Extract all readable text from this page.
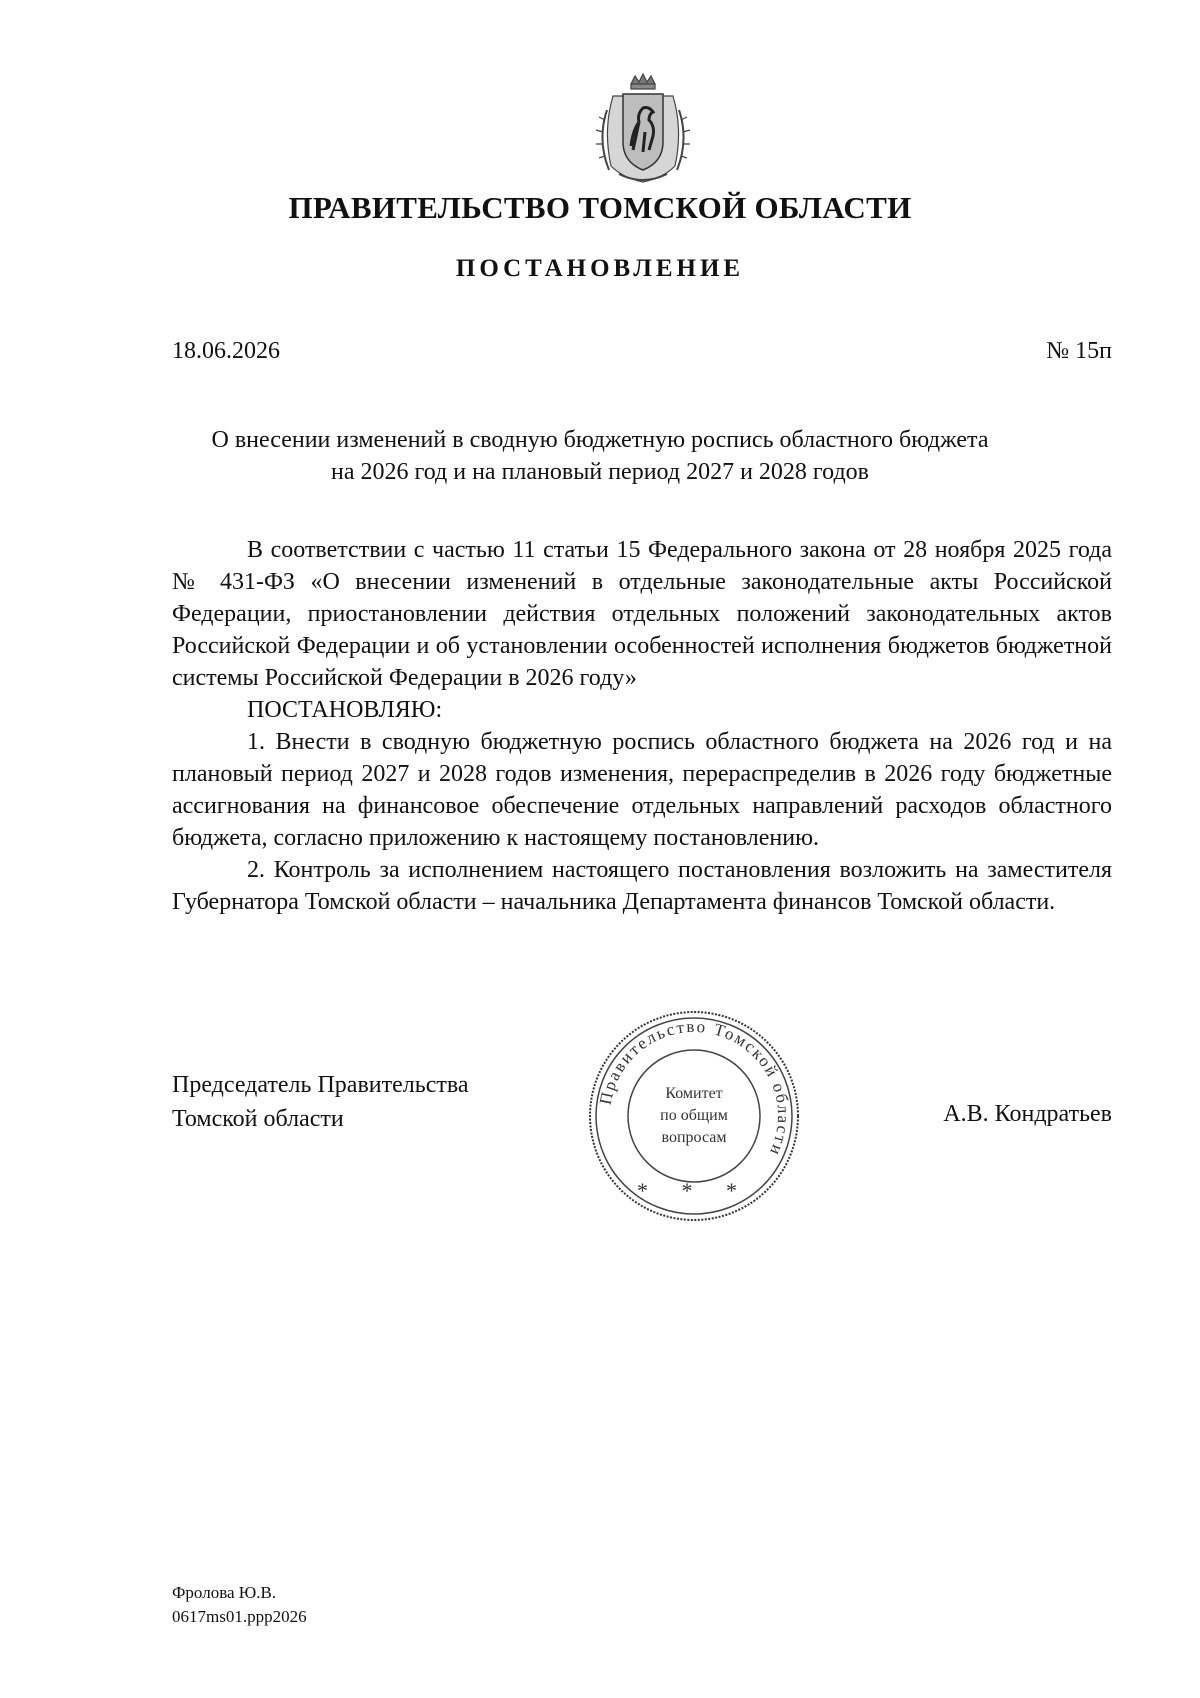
ПРАВИТЕЛЬСТВО ТОМСКОЙ ОБЛАСТИ
ПОСТАНОВЛЕНИЕ
18.06.2026	№ 15п
О внесении изменений в сводную бюджетную роспись областного бюджета
на 2026 год и на плановый период 2027 и 2028 годов

В соответствии с частью 11 статьи 15 Федерального закона от 28 ноября 2025 года № 431-ФЗ «О внесении изменений в отдельные законодательные акты Российской Федерации, приостановлении действия отдельных положений законодательных актов Российской Федерации и об установлении особенностей исполнения бюджетов бюджетной системы Российской Федерации в 2026 году»

ПОСТАНОВЛЯЮ:

1. Внести в сводную бюджетную роспись областного бюджета на 2026 год и на плановый период 2027 и 2028 годов изменения, перераспределив в 2026 году бюджетные ассигнования на финансовое обеспечение отдельных направлений расходов областного бюджета, согласно приложению к настоящему постановлению.

2. Контроль за исполнением настоящего постановления возложить на заместителя Губернатора Томской области – начальника Департамента финансов Томской области.

Председатель Правительства
Томской области	А.В. Кондратьев
Правительство Томской области
Комитет
по общим
вопросам
* * *
Фролова Ю.В.
0617ms01.ppp2026
